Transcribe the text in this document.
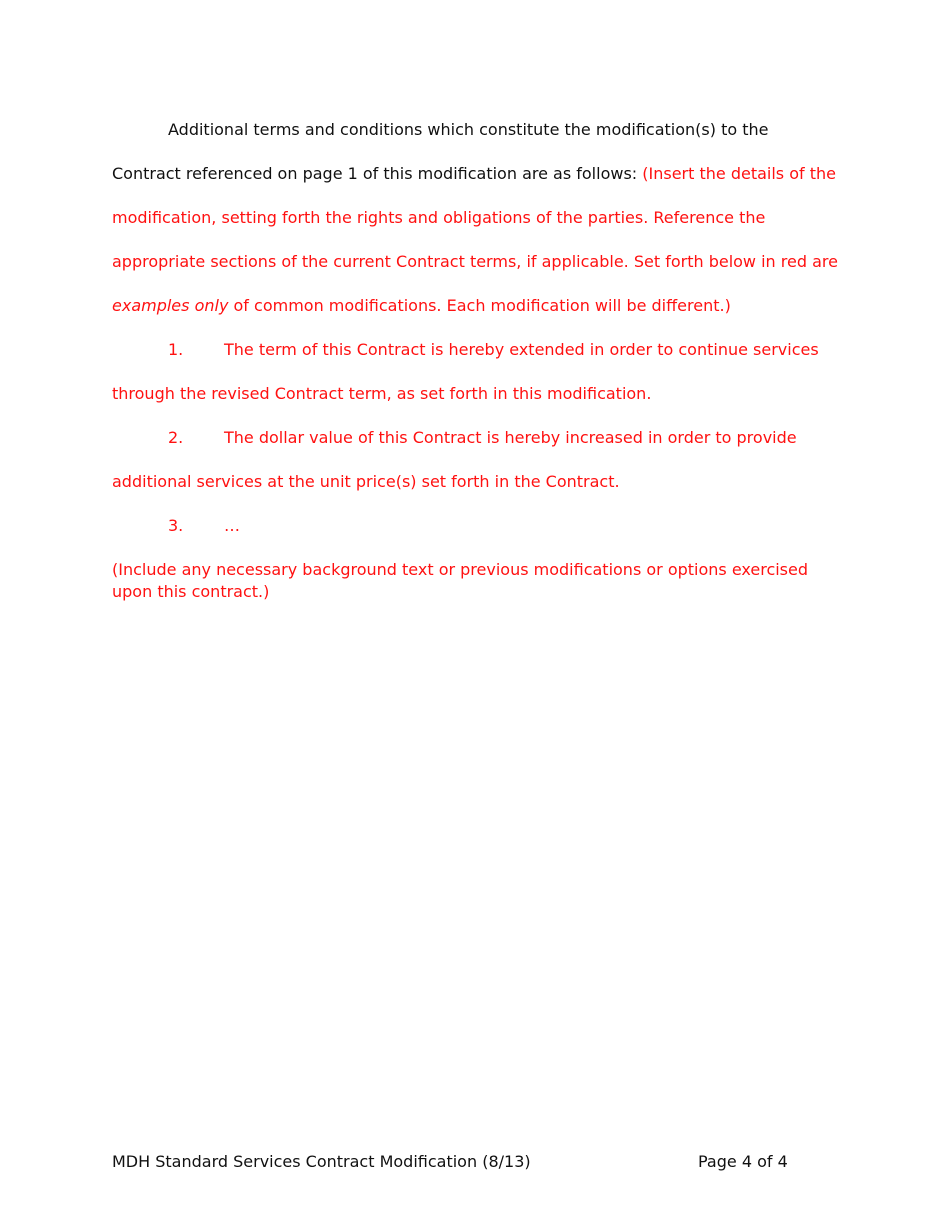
Additional terms and conditions which constitute the modification(s) to the Contract referenced on page 1 of this modification are as follows: (Insert the details of the modification, setting forth the rights and obligations of the parties. Reference the appropriate sections of the current Contract terms, if applicable. Set forth below in red are examples only of common modifications. Each modification will be different.)

1.	The term of this Contract is hereby extended in order to continue services through the revised Contract term, as set forth in this modification.

2.	The dollar value of this Contract is hereby increased in order to provide additional services at the unit price(s) set forth in the Contract.

3.	…

(Include any necessary background text or previous modifications or options exercised upon this contract.)

MDH Standard Services Contract Modification (8/13)	Page 4 of 4
